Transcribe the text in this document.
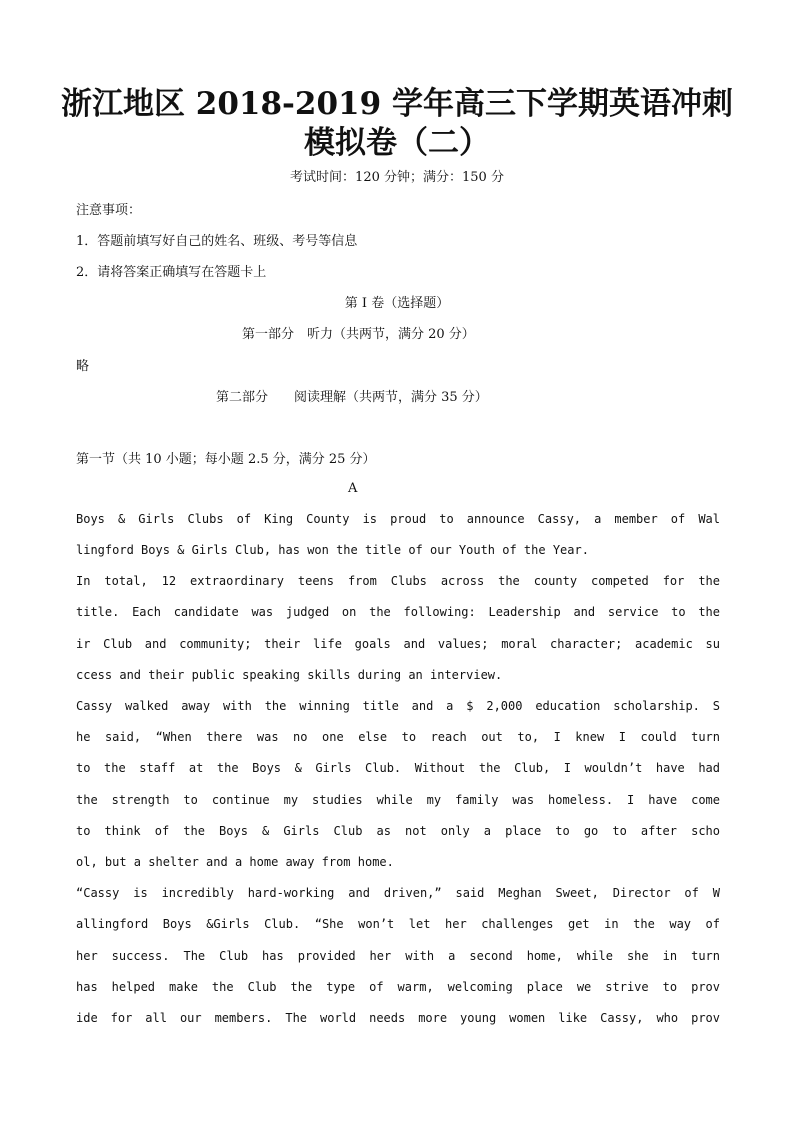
浙江地区 2018-2019 学年高三下学期英语冲刺
模拟卷（二）
考试时间：120 分钟；满分：150 分
注意事项：
1．答题前填写好自己的姓名、班级、考号等信息
2．请将答案正确填写在答题卡上
第 I 卷（选择题）
第一部分　听力（共两节，满分 20 分）
略
第二部分　　阅读理解（共两节，满分 35 分）
第一节（共 10 小题；每小题 2.5 分，满分 25 分）
A
Boys & Girls Clubs of King County is proud to announce Cassy, a member of Wal
lingford Boys & Girls Club, has won the title of our Youth of the Year.
In total, 12 extraordinary teens from Clubs across the county competed for the
title. Each candidate was judged on the following: Leadership and service to the
ir Club and community; their life goals and values; moral character; academic su
ccess and their public speaking skills during an interview.
Cassy walked away with the winning title and a $ 2,000 education scholarship. S
he said, “When there was no one else to reach out to, I knew I could turn
to the staff at the Boys & Girls Club. Without the Club, I wouldn’t have had
the strength to continue my studies while my family was homeless. I have come
to think of the Boys & Girls Club as not only a place to go to after scho
ol, but a shelter and a home away from home.
“Cassy is incredibly hard-working and driven,” said Meghan Sweet, Director of W
allingford Boys &Girls Club. “She won’t let her challenges get in the way of
her success. The Club has provided her with a second home, while she in turn
has helped make the Club the type of warm, welcoming place we strive to prov
ide for all our members. The world needs more young women like Cassy, who prov
